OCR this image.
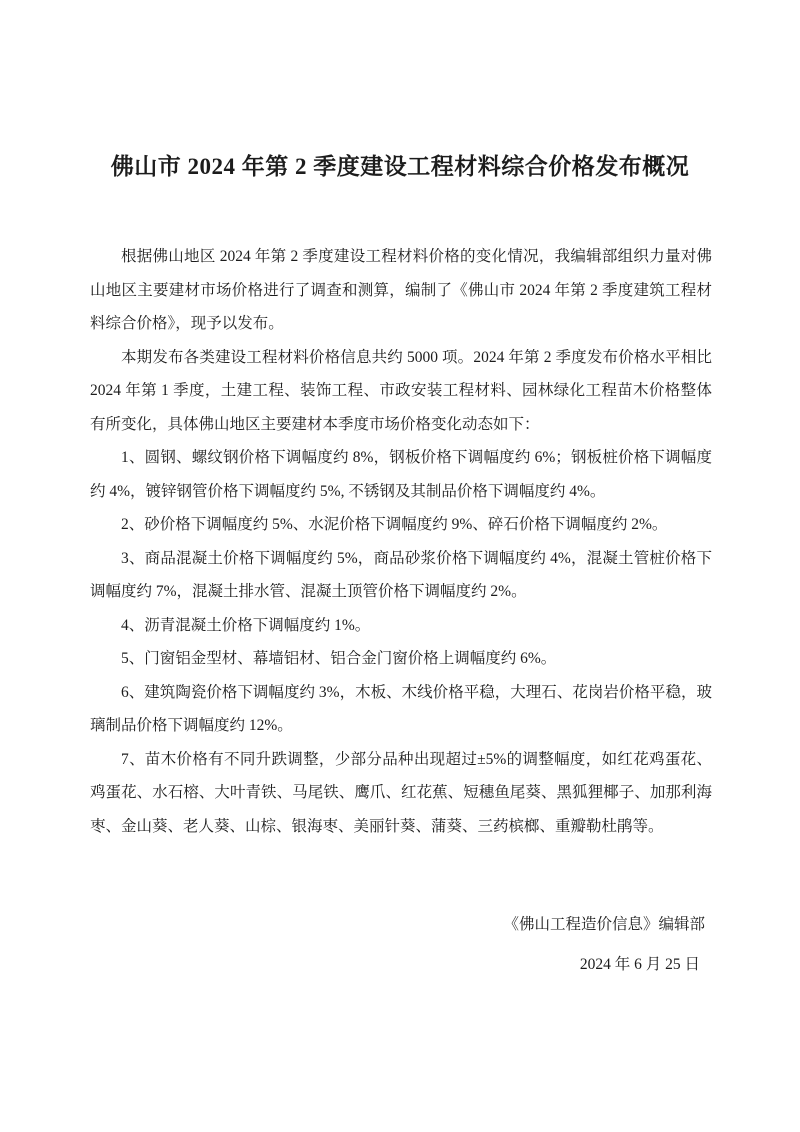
佛山市 2024 年第 2 季度建设工程材料综合价格发布概况

根据佛山地区 2024 年第 2 季度建设工程材料价格的变化情况，我编辑部组织力量对佛山地区主要建材市场价格进行了调查和测算，编制了《佛山市 2024 年第 2 季度建筑工程材料综合价格》，现予以发布。

本期发布各类建设工程材料价格信息共约 5000 项。2024 年第 2 季度发布价格水平相比 2024 年第 1 季度，土建工程、装饰工程、市政安装工程材料、园林绿化工程苗木价格整体有所变化，具体佛山地区主要建材本季度市场价格变化动态如下：

1、圆钢、螺纹钢价格下调幅度约 8%，钢板价格下调幅度约 6%；钢板桩价格下调幅度约 4%，镀锌钢管价格下调幅度约 5%, 不锈钢及其制品价格下调幅度约 4%。

2、砂价格下调幅度约 5%、水泥价格下调幅度约 9%、碎石价格下调幅度约 2%。

3、商品混凝土价格下调幅度约 5%，商品砂浆价格下调幅度约 4%，混凝土管桩价格下调幅度约 7%，混凝土排水管、混凝土顶管价格下调幅度约 2%。

4、沥青混凝土价格下调幅度约 1%。

5、门窗铝金型材、幕墙铝材、铝合金门窗价格上调幅度约 6%。

6、建筑陶瓷价格下调幅度约 3%，木板、木线价格平稳，大理石、花岗岩价格平稳，玻璃制品价格下调幅度约 12%。

7、苗木价格有不同升跌调整，少部分品种出现超过±5%的调整幅度，如红花鸡蛋花、鸡蛋花、水石榕、大叶青铁、马尾铁、鹰爪、红花蕉、短穗鱼尾葵、黑狐狸椰子、加那利海枣、金山葵、老人葵、山棕、银海枣、美丽针葵、蒲葵、三药槟榔、重瓣勒杜鹃等。

《佛山工程造价信息》编辑部
2024 年 6 月 25 日
